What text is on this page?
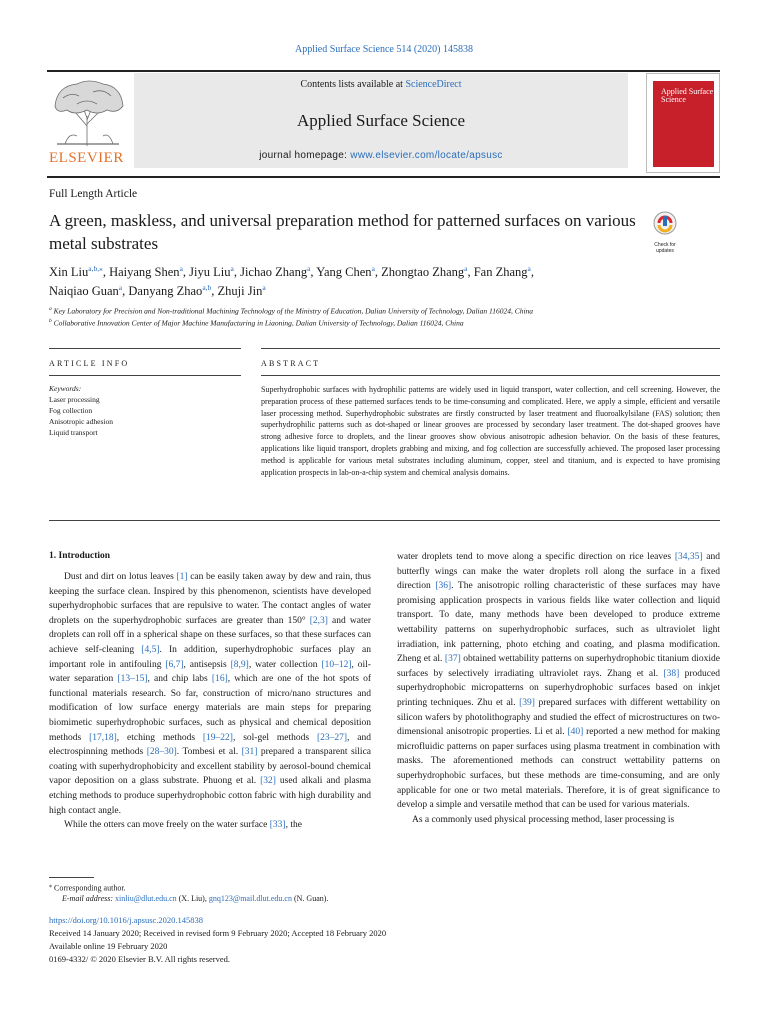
Applied Surface Science 514 (2020) 145838
ELSEVIER
Contents lists available at ScienceDirect
Applied Surface Science
journal homepage: www.elsevier.com/locate/apsusc
Applied Surface Science
Full Length Article
A green, maskless, and universal preparation method for patterned surfaces on various metal substrates	Check for updates
Xin Liu$^{a,b,⁎}$, Haiyang Shen$^a$, Jiyu Liu$^a$, Jichao Zhang$^a$, Yang Chen$^a$, Zhongtao Zhang$^a$, Fan Zhang$^a$,
Naiqiao Guan$^a$, Danyang Zhao$^{a,b}$, Zhuji Jin$^a$
$^a$ Key Laboratory for Precision and Non-traditional Machining Technology of the Ministry of Education, Dalian University of Technology, Dalian 116024, China
$^b$ Collaborative Innovation Center of Major Machine Manufacturing in Liaoning, Dalian University of Technology, Dalian 116024, China
ARTICLE INFO	ABSTRACT
Keywords:
Laser processing
Fog collection
Anisotropic adhesion
Liquid transport
Superhydrophobic surfaces with hydrophilic patterns are widely used in liquid transport, water collection, and cell screening. However, the preparation process of these patterned surfaces tends to be time-consuming and complicated. Here, we apply a simple, efficient and versatile laser processing method. Superhydrophobic substrates are firstly constructed by laser treatment and fluoroalkylsilane (FAS) solution; then superhydrophilic patterns such as dot-shaped or linear grooves are processed by secondary laser treatment. The dot-shaped grooves have strong adhesive force to droplets, and the linear grooves show obvious anisotropic adhesion behavior. On the basis of these features, applications like liquid transport, droplets grabbing and mixing, and fog collection are successfully achieved. The proposed laser processing method is applicable for various metal substrates including aluminum, copper, steel and titanium, and is expected to have promising application prospects in lab-on-a-chip system and chemical analysis domains.
1. Introduction

Dust and dirt on lotus leaves [1] can be easily taken away by dew and rain, thus keeping the surface clean. Inspired by this phenomenon, scientists have developed superhydrophobic surfaces that are repulsive to water. The contact angles of water droplets on the superhydrophobic surfaces are greater than 150° [2,3] and water droplets can roll off in a spherical shape on these surfaces, so that these surfaces can achieve self-cleaning [4,5]. In addition, superhydrophobic surfaces play an important role in antifouling [6,7], antisepsis [8,9], water collection [10–12], oil-water separation [13–15], and chip labs [16], which are one of the hot spots of functional materials research. So far, construction of micro/nano structures and modification of low surface energy materials are main steps for preparing biomimetic superhydrophobic surfaces, such as physical and chemical deposition methods [17,18], etching methods [19–22], sol-gel methods [23–27], and electrospinning methods [28–30]. Tombesi et al. [31] prepared a transparent silica coating with superhydrophobicity and excellent stability by aerosol-bound chemical vapor deposition on a glass substrate. Phuong et al. [32] used alkali and plasma etching methods to produce superhydrophobic cotton fabric with high durability and high contact angle.

While the otters can move freely on the water surface [33], the

water droplets tend to move along a specific direction on rice leaves [34,35] and butterfly wings can make the water droplets roll along the surface in a fixed direction [36]. The anisotropic rolling characteristic of these surfaces may have promising application prospects in various fields like water collection and liquid transport. To date, many methods have been developed to produce extreme wettability patterns on superhydrophobic surfaces, such as ultraviolet light irradiation, ink patterning, photo etching and coating, and plasma modification. Zheng et al. [37] obtained wettability patterns on superhydrophobic titanium dioxide surfaces by selectively irradiating ultraviolet rays. Zhang et al. [38] produced superhydrophobic micropatterns on superhydrophobic surfaces based on inkjet printing techniques. Zhu et al. [39] prepared surfaces with different wettability on silicon wafers by photolithography and studied the effect of microstructures on two-dimensional anisotropic properties. Li et al. [40] reported a new method for making microfluidic patterns on paper surfaces using plasma treatment in combination with masks. The aforementioned methods can construct wettability patterns on superhydrophobic surfaces, but these methods are time-consuming, and are only applicable for one or two metal materials. Therefore, it is of great significance to develop a simple and versatile method that can be used for various materials.

As a commonly used physical processing method, laser processing is

⁎ Corresponding author.
E-mail address: xinliu@dlut.edu.cn (X. Liu), gnq123@mail.dlut.edu.cn (N. Guan).
https://doi.org/10.1016/j.apsusc.2020.145838
Received 14 January 2020; Received in revised form 9 February 2020; Accepted 18 February 2020
Available online 19 February 2020
0169-4332/ © 2020 Elsevier B.V. All rights reserved.
